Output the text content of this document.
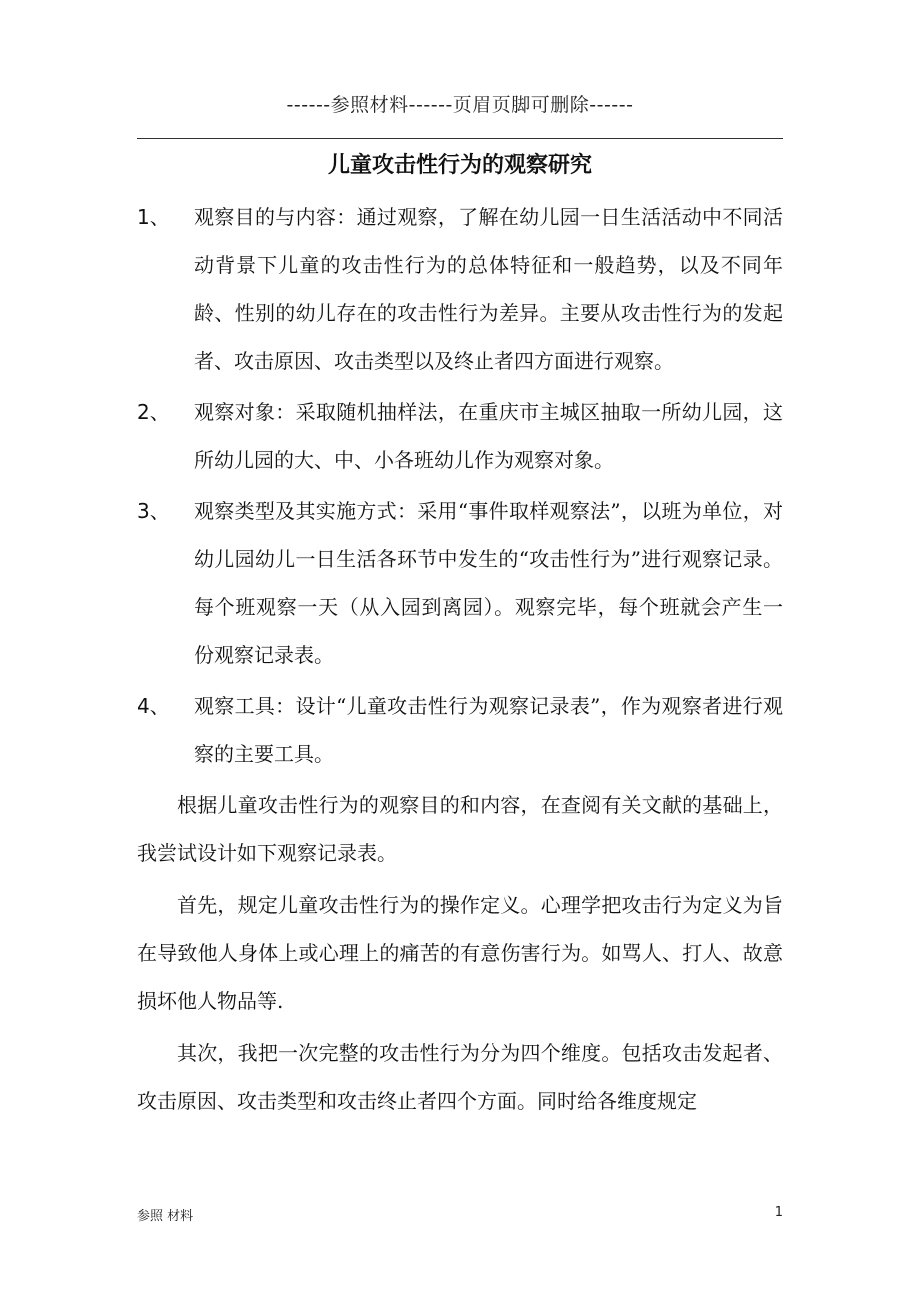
------参照材料------页眉页脚可删除------
儿童攻击性行为的观察研究
1、	观察目的与内容：通过观察，了解在幼儿园一日生活活动中不同活动背景下儿童的攻击性行为的总体特征和一般趋势，以及不同年龄、性别的幼儿存在的攻击性行为差异。主要从攻击性行为的发起者、攻击原因、攻击类型以及终止者四方面进行观察。
2、	观察对象：采取随机抽样法，在重庆市主城区抽取一所幼儿园，这所幼儿园的大、中、小各班幼儿作为观察对象。
3、	观察类型及其实施方式：采用“事件取样观察法”，以班为单位，对幼儿园幼儿一日生活各环节中发生的“攻击性行为”进行观察记录。每个班观察一天（从入园到离园）。观察完毕，每个班就会产生一份观察记录表。
4、	观察工具：设计“儿童攻击性行为观察记录表”，作为观察者进行观察的主要工具。

根据儿童攻击性行为的观察目的和内容，在查阅有关文献的基础上，我尝试设计如下观察记录表。

首先，规定儿童攻击性行为的操作定义。心理学把攻击行为定义为旨在导致他人身体上或心理上的痛苦的有意伤害行为。如骂人、打人、故意损坏他人物品等.

其次，我把一次完整的攻击性行为分为四个维度。包括攻击发起者、攻击原因、攻击类型和攻击终止者四个方面。同时给各维度规定

参照 材料	1
